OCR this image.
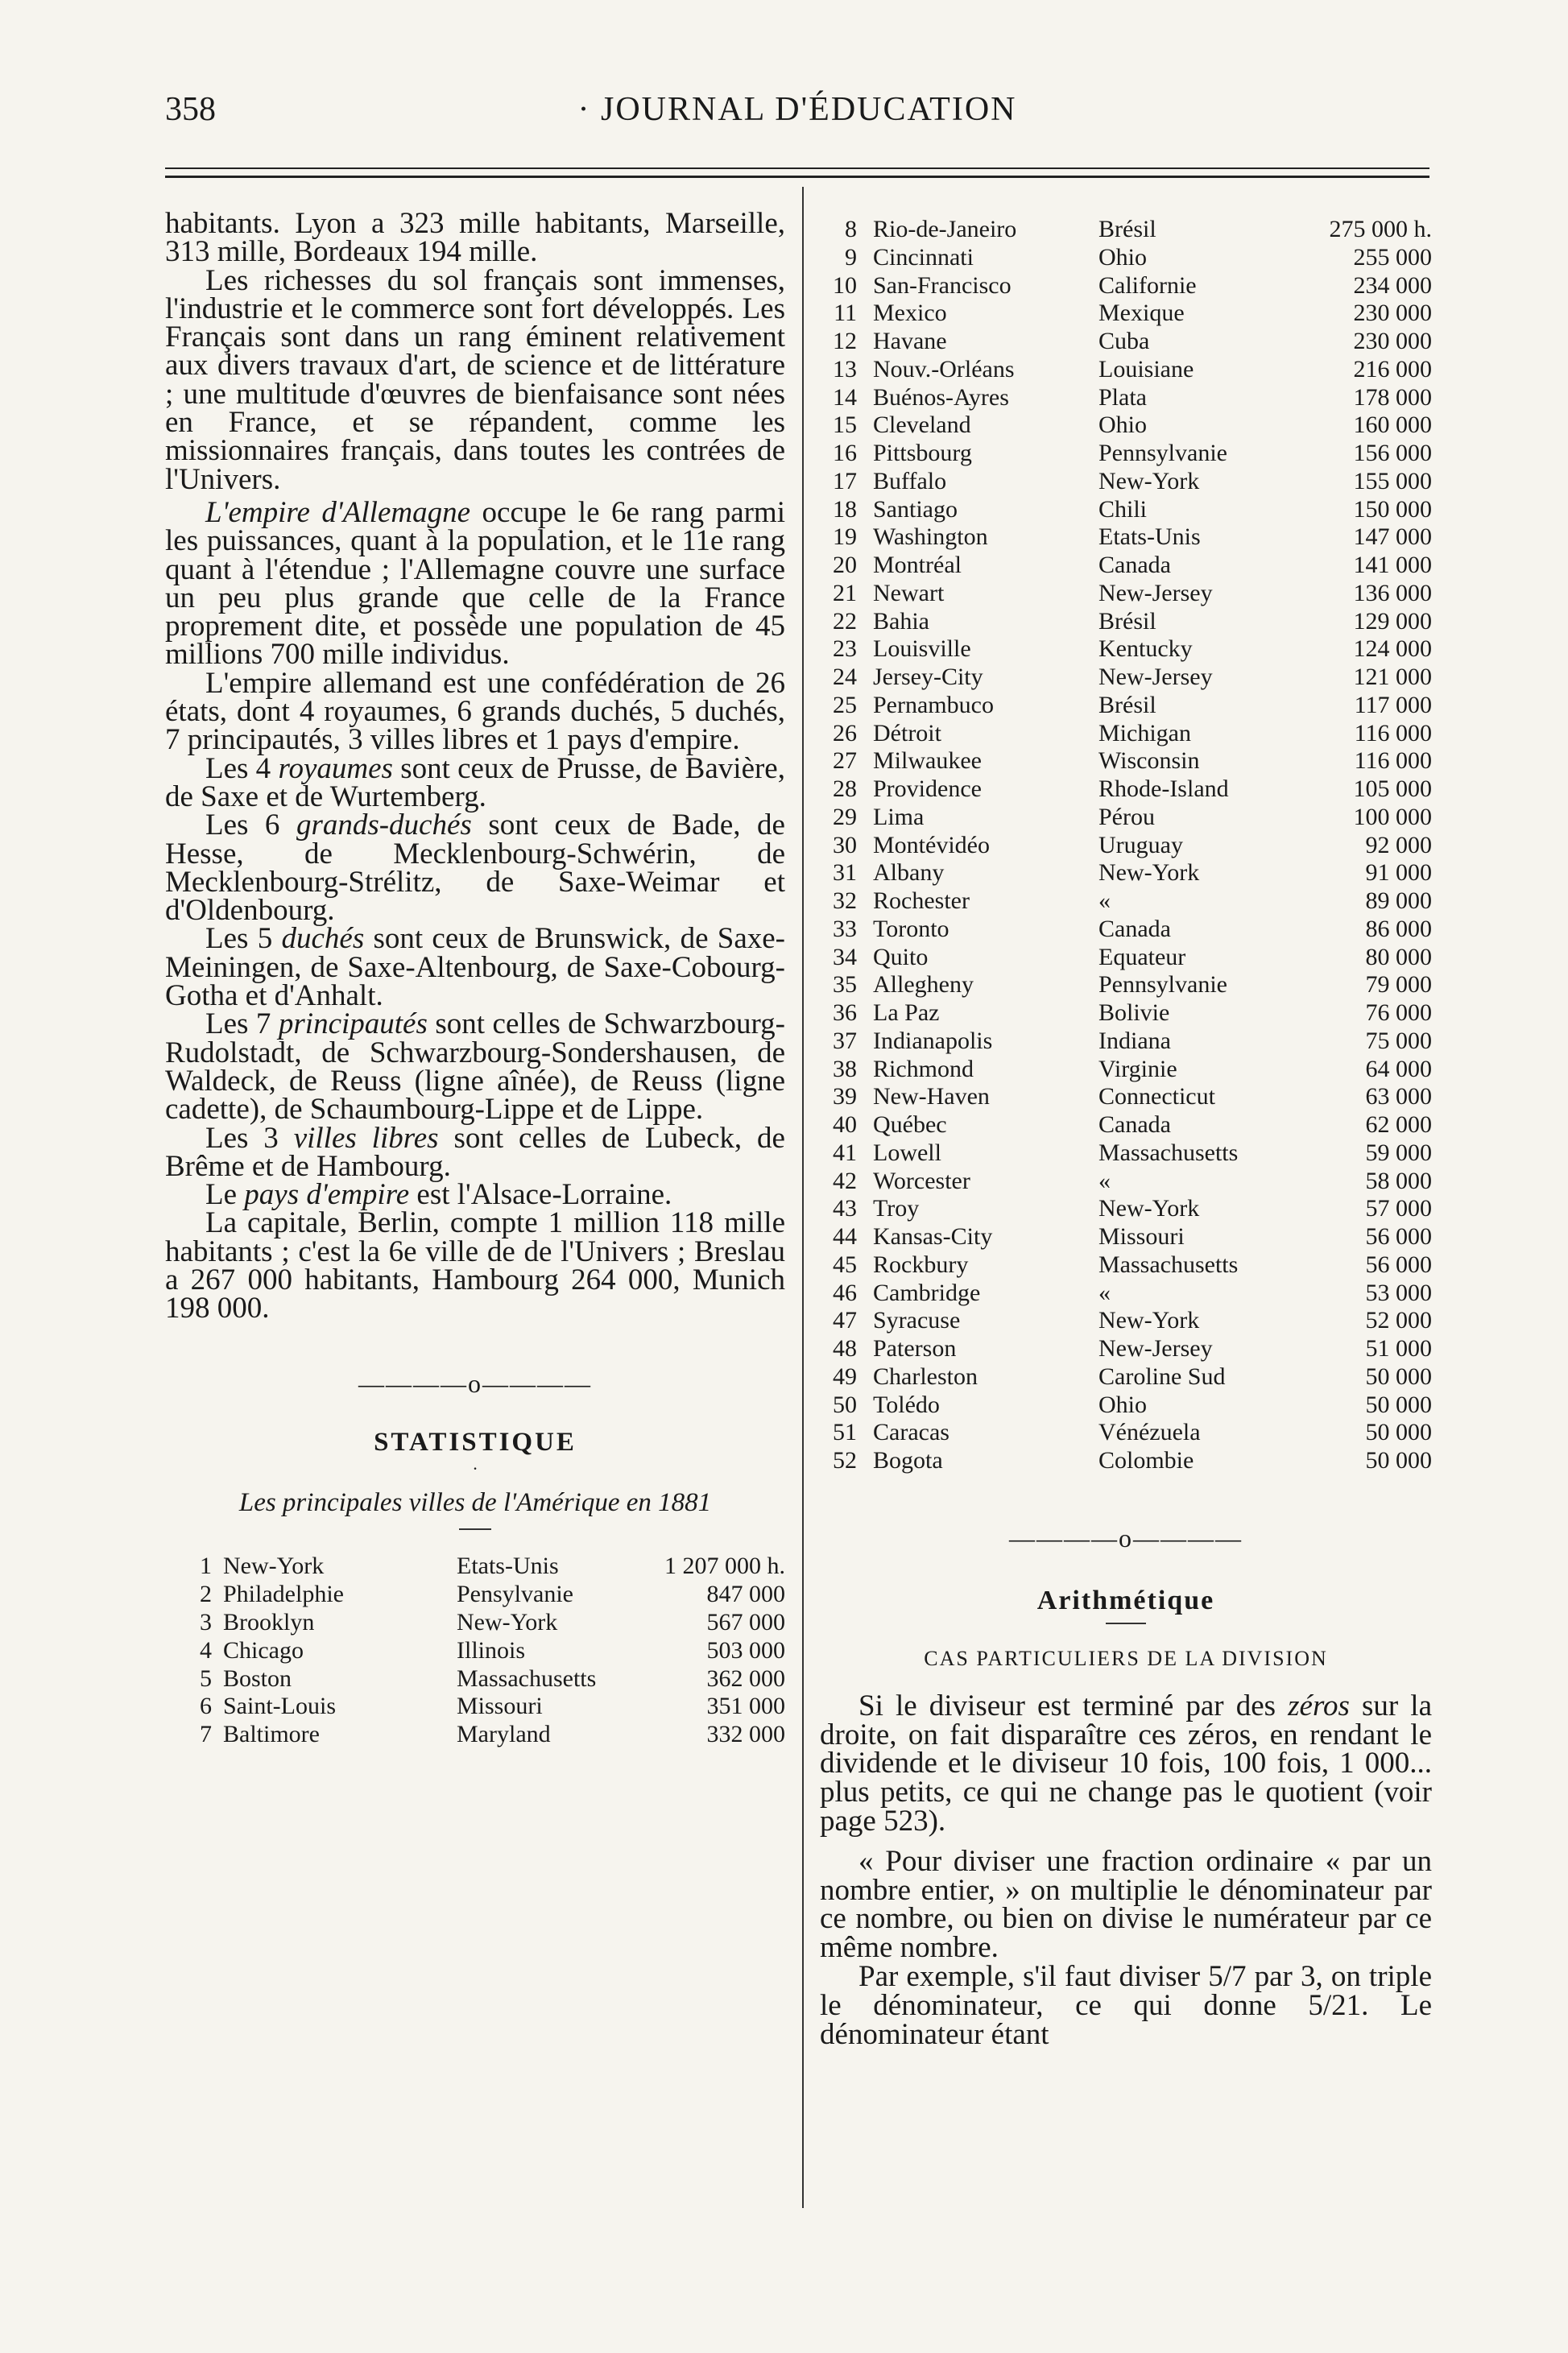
358	· JOURNAL D'ÉDUCATION

habitants. Lyon a 323 mille habitants, Marseille, 313 mille, Bordeaux 194 mille.

Les richesses du sol français sont immenses, l'industrie et le commerce sont fort développés. Les Français sont dans un rang éminent relativement aux divers travaux d'art, de science et de littérature ; une multitude d'œuvres de bienfaisance sont nées en France, et se répandent, comme les missionnaires français, dans toutes les contrées de l'Univers.

L'empire d'Allemagne occupe le 6e rang parmi les puissances, quant à la population, et le 11e rang quant à l'étendue ; l'Allemagne couvre une surface un peu plus grande que celle de la France proprement dite, et possède une population de 45 millions 700 mille individus.

L'empire allemand est une confédération de 26 états, dont 4 royaumes, 6 grands duchés, 5 duchés, 7 principautés, 3 villes libres et 1 pays d'empire.

Les 4 royaumes sont ceux de Prusse, de Bavière, de Saxe et de Wurtemberg.

Les 6 grands-duchés sont ceux de Bade, de Hesse, de Mecklenbourg-Schwérin, de Mecklenbourg-Strélitz, de Saxe-Weimar et d'Oldenbourg.

Les 5 duchés sont ceux de Brunswick, de Saxe-Meiningen, de Saxe-Altenbourg, de Saxe-Cobourg-Gotha et d'Anhalt.

Les 7 principautés sont celles de Schwarzbourg-Rudolstadt, de Schwarzbourg-Sondershausen, de Waldeck, de Reuss (ligne aînée), de Reuss (ligne cadette), de Schaumbourg-Lippe et de Lippe.

Les 3 villes libres sont celles de Lubeck, de Brême et de Hambourg.

Le pays d'empire est l'Alsace-Lorraine.

La capitale, Berlin, compte 1 million 118 mille habitants ; c'est la 6e ville de de l'Univers ; Breslau a 267 000 habitants, Hambourg 264 000, Munich 198 000.

————o————
STATISTIQUE
·
Les principales villes de l'Amérique en 1881
1	New-York	Etats-Unis	1 207 000 h.
2	Philadelphie	Pensylvanie	847 000
3	Brooklyn	New-York	567 000
4	Chicago	Illinois	503 000
5	Boston	Massachusetts	362 000
6	Saint-Louis	Missouri	351 000
7	Baltimore	Maryland	332 000
8	Rio-de-Janeiro	Brésil	275 000 h.
9	Cincinnati	Ohio	255 000
10	San-Francisco	Californie	234 000
11	Mexico	Mexique	230 000
12	Havane	Cuba	230 000
13	Nouv.-Orléans	Louisiane	216 000
14	Buénos-Ayres	Plata	178 000
15	Cleveland	Ohio	160 000
16	Pittsbourg	Pennsylvanie	156 000
17	Buffalo	New-York	155 000
18	Santiago	Chili	150 000
19	Washington	Etats-Unis	147 000
20	Montréal	Canada	141 000
21	Newart	New-Jersey	136 000
22	Bahia	Brésil	129 000
23	Louisville	Kentucky	124 000
24	Jersey-City	New-Jersey	121 000
25	Pernambuco	Brésil	117 000
26	Détroit	Michigan	116 000
27	Milwaukee	Wisconsin	116 000
28	Providence	Rhode-Island	105 000
29	Lima	Pérou	100 000
30	Montévidéo	Uruguay	92 000
31	Albany	New-York	91 000
32	Rochester	«	89 000
33	Toronto	Canada	86 000
34	Quito	Equateur	80 000
35	Allegheny	Pennsylvanie	79 000
36	La Paz	Bolivie	76 000
37	Indianapolis	Indiana	75 000
38	Richmond	Virginie	64 000
39	New-Haven	Connecticut	63 000
40	Québec	Canada	62 000
41	Lowell	Massachusetts	59 000
42	Worcester	«	58 000
43	Troy	New-York	57 000
44	Kansas-City	Missouri	56 000
45	Rockbury	Massachusetts	56 000
46	Cambridge	«	53 000
47	Syracuse	New-York	52 000
48	Paterson	New-Jersey	51 000
49	Charleston	Caroline Sud	50 000
50	Tolédo	Ohio	50 000
51	Caracas	Vénézuela	50 000
52	Bogota	Colombie	50 000
————o————
Arithmétique
CAS PARTICULIERS DE LA DIVISION

Si le diviseur est terminé par des zéros sur la droite, on fait disparaître ces zéros, en rendant le dividende et le diviseur 10 fois, 100 fois, 1 000... plus petits, ce qui ne change pas le quotient (voir page 523).

« Pour diviser une fraction ordinaire « par un nombre entier, » on multiplie le dénominateur par ce nombre, ou bien on divise le numérateur par ce même nombre.

Par exemple, s'il faut diviser 5/7 par 3, on triple le dénominateur, ce qui donne 5/21. Le dénominateur étant
